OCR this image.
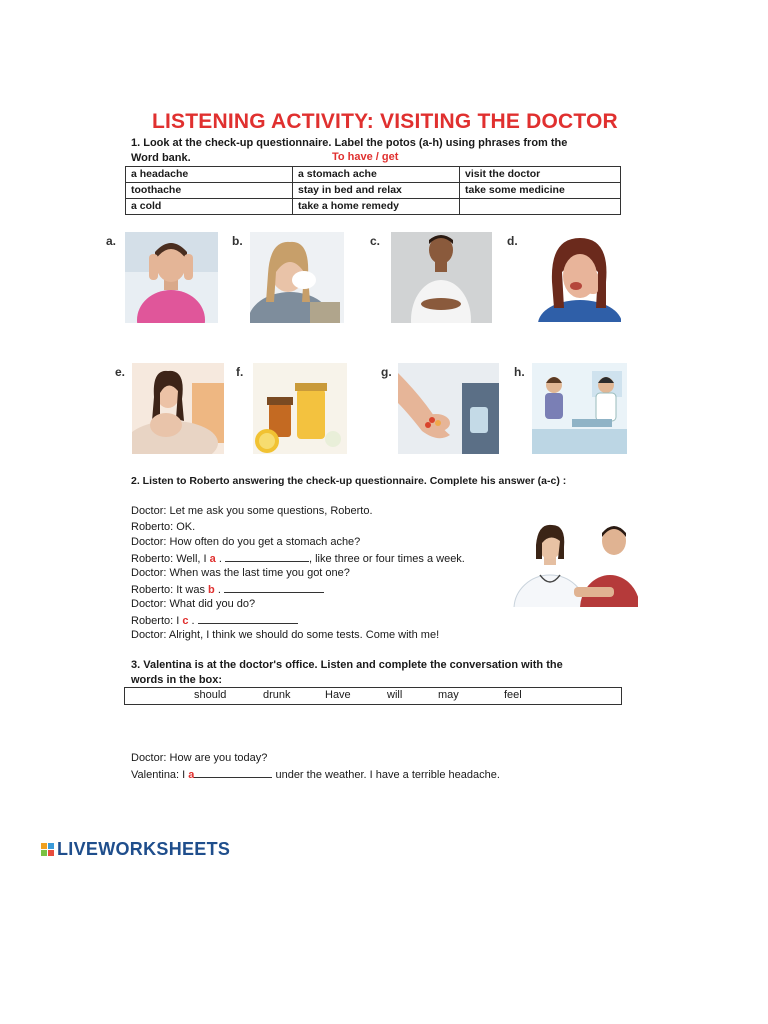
LISTENING ACTIVITY: VISITING THE DOCTOR
1. Look at the check-up questionnaire. Label the potos (a-h) using phrases from the
Word bank.	To have / get
a headache	a stomach ache	visit the doctor
toothache	stay in bed and relax	take some medicine
a cold	take a home remedy	
a.	b.	c.	d.
e.	f.	g.	h.
2. Listen to Roberto answering the check-up questionnaire. Complete his answer (a-c) :
Doctor: Let me ask you some questions, Roberto.
Roberto: OK.
Doctor: How often do you get a stomach ache?
Roberto: Well, I a .	, like three or four times a week.
Doctor: When was the last time you got one?
Roberto: It was b .
Doctor: What did you do?
Roberto: I c .
Doctor: Alright, I think we should do some tests. Come with me!
3. Valentina is at the doctor's office. Listen and complete the conversation with the
words in the box:
should	drunk	Have	will	may	feel
Doctor: How are you today?
Valentina: I a	under the weather. I have a terrible headache.
LIVEWORKSHEETS
